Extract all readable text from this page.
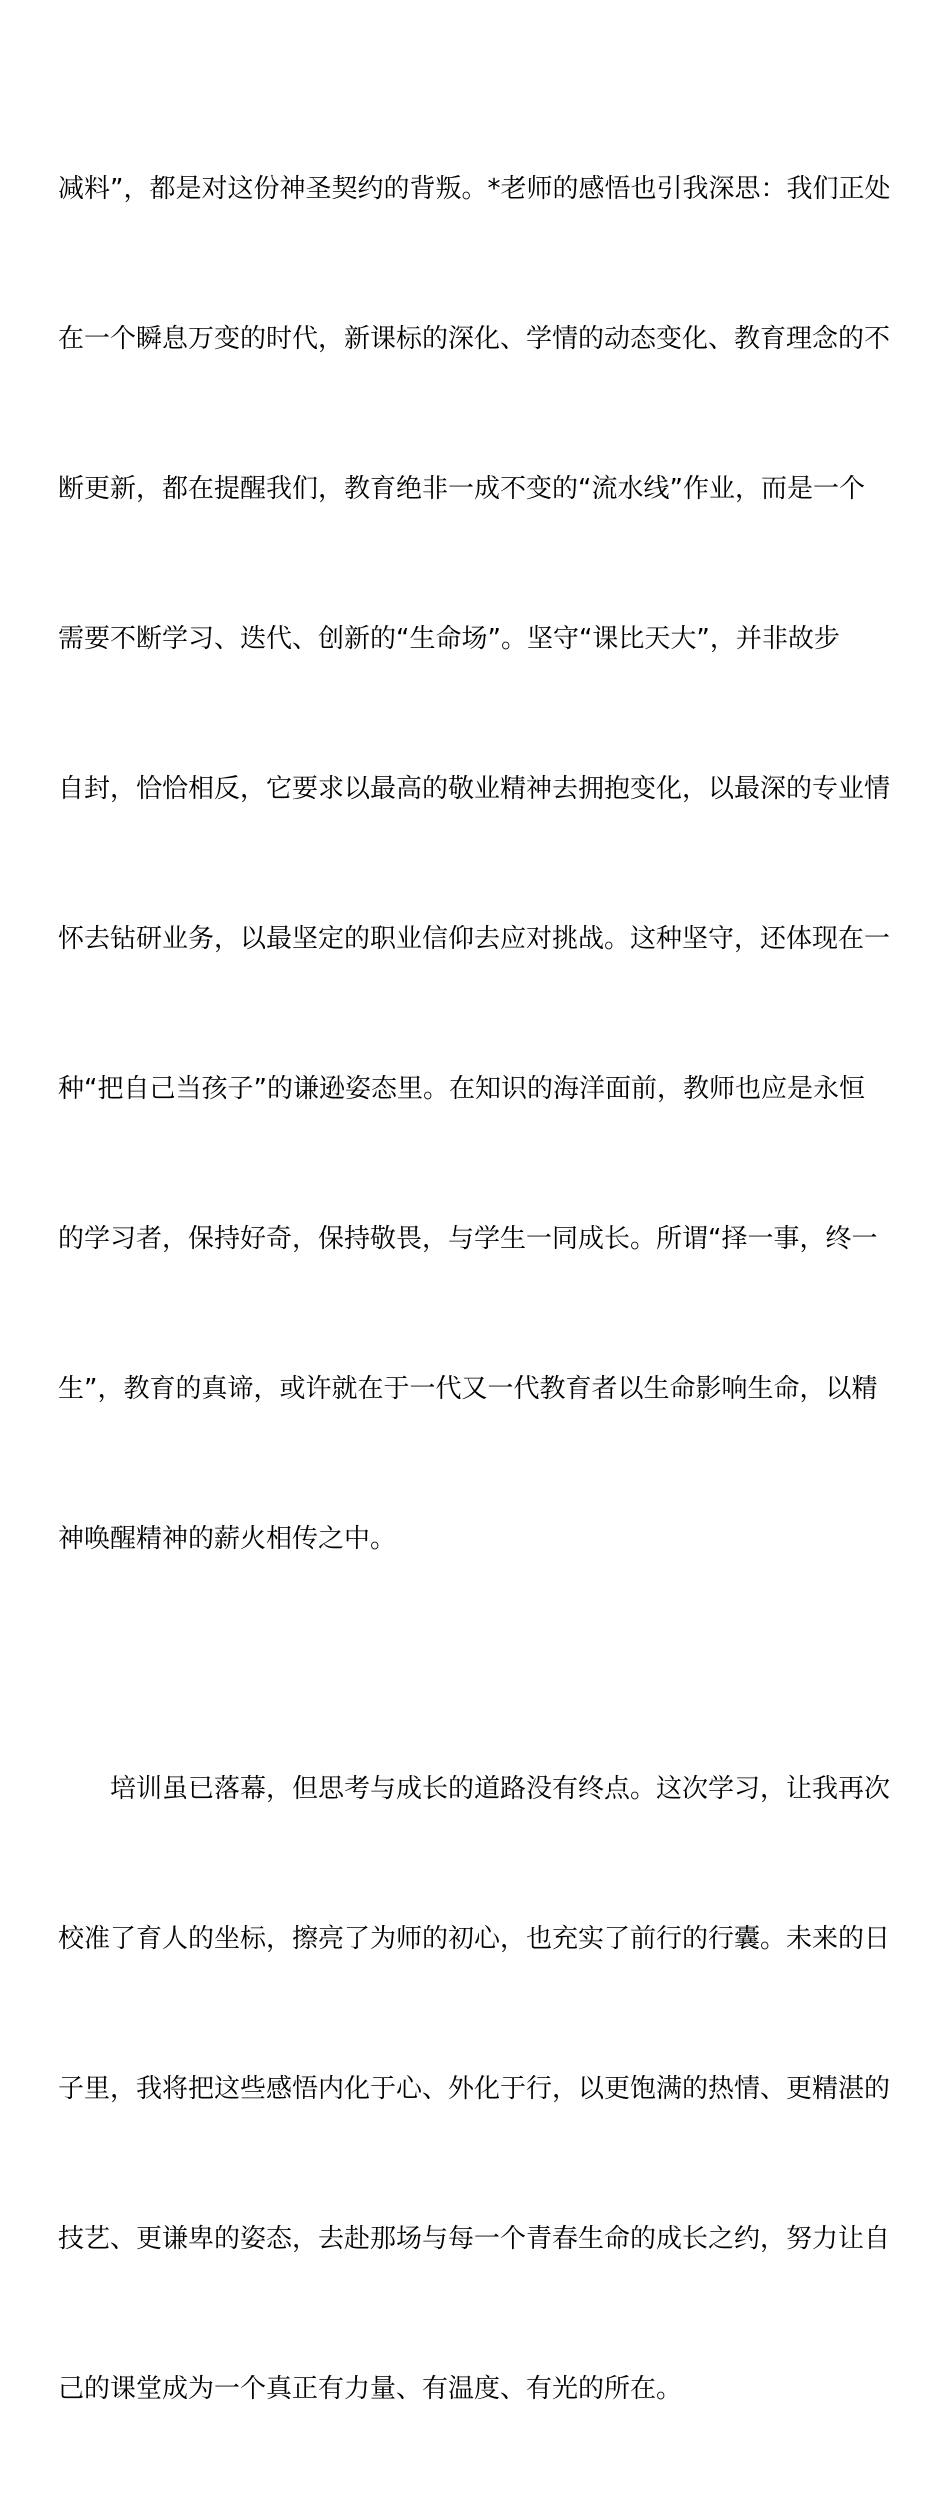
减料”，都是对这份神圣契约的背叛。*老师的感悟也引我深思：我们正处

在一个瞬息万变的时代，新课标的深化、学情的动态变化、教育理念的不

断更新，都在提醒我们，教育绝非一成不变的“流水线”作业，而是一个

需要不断学习、迭代、创新的“生命场”。坚守“课比天大”，并非故步

自封，恰恰相反，它要求以最高的敬业精神去拥抱变化，以最深的专业情

怀去钻研业务，以最坚定的职业信仰去应对挑战。这种坚守，还体现在一

种“把自己当孩子”的谦逊姿态里。在知识的海洋面前，教师也应是永恒

的学习者，保持好奇，保持敬畏，与学生一同成长。所谓“择一事，终一

生”，教育的真谛，或许就在于一代又一代教育者以生命影响生命，以精

神唤醒精神的薪火相传之中。

培训虽已落幕，但思考与成长的道路没有终点。这次学习，让我再次

校准了育人的坐标，擦亮了为师的初心，也充实了前行的行囊。未来的日

子里，我将把这些感悟内化于心、外化于行，以更饱满的热情、更精湛的

技艺、更谦卑的姿态，去赴那场与每一个青春生命的成长之约，努力让自

己的课堂成为一个真正有力量、有温度、有光的所在。
